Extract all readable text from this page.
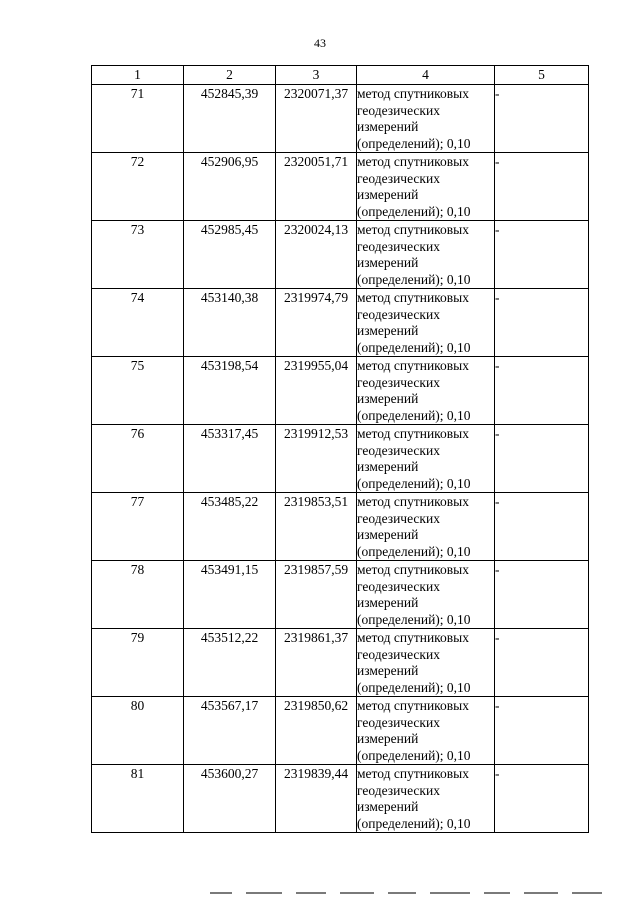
43
1	2	3	4	5
71	452845,39	2320071,37	метод спутниковых геодезических измерений (определений); 0,10	-
72	452906,95	2320051,71	метод спутниковых геодезических измерений (определений); 0,10	-
73	452985,45	2320024,13	метод спутниковых геодезических измерений (определений); 0,10	-
74	453140,38	2319974,79	метод спутниковых геодезических измерений (определений); 0,10	-
75	453198,54	2319955,04	метод спутниковых геодезических измерений (определений); 0,10	-
76	453317,45	2319912,53	метод спутниковых геодезических измерений (определений); 0,10	-
77	453485,22	2319853,51	метод спутниковых геодезических измерений (определений); 0,10	-
78	453491,15	2319857,59	метод спутниковых геодезических измерений (определений); 0,10	-
79	453512,22	2319861,37	метод спутниковых геодезических измерений (определений); 0,10	-
80	453567,17	2319850,62	метод спутниковых геодезических измерений (определений); 0,10	-
81	453600,27	2319839,44	метод спутниковых геодезических измерений (определений); 0,10	-
